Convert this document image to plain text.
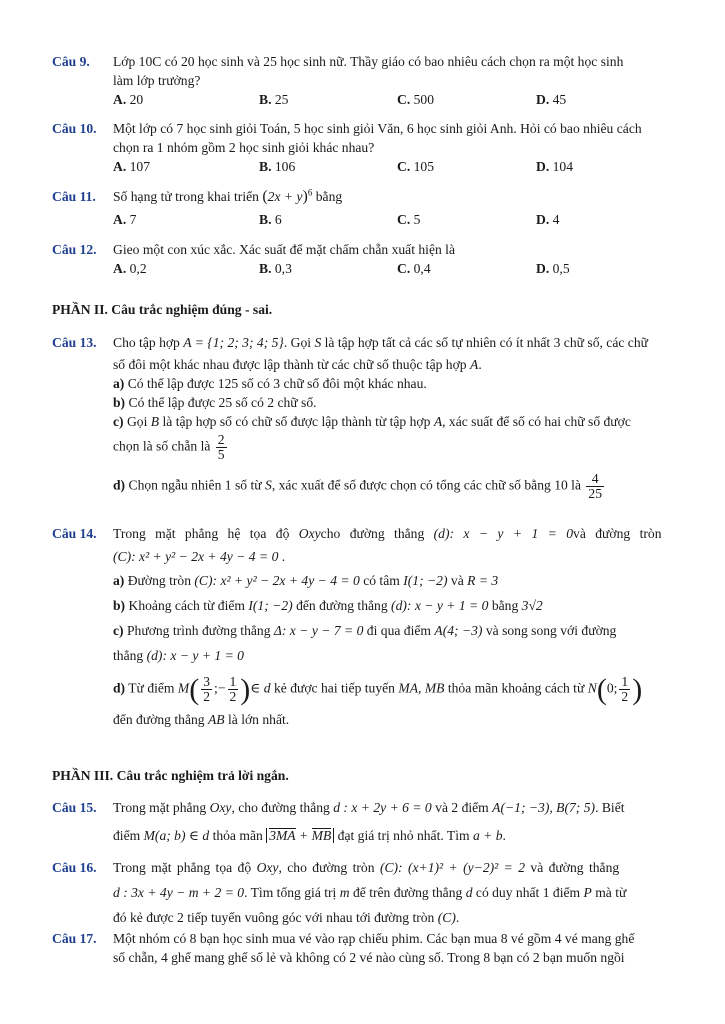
Câu 9. Lớp 10C có 20 học sinh và 25 học sinh nữ. Thầy giáo có bao nhiêu cách chọn ra một học sinh
làm lớp trưởng?
A. 20	B. 25	C. 500	D. 45
Câu 10. Một lớp có 7 học sinh giỏi Toán, 5 học sinh giỏi Văn, 6 học sinh giỏi Anh. Hỏi có bao nhiêu cách
chọn ra 1 nhóm gồm 2 học sinh giỏi khác nhau?
A. 107	B. 106	C. 105	D. 104
Câu 11. Số hạng tử trong khai triển $(2x + y)^6$ bằng
A. 7	B. 6	C. 5	D. 4
Câu 12. Gieo một con xúc xắc. Xác suất để mặt chấm chẵn xuất hiện là
A. 0,2	B. 0,3	C. 0,4	D. 0,5
PHẦN II. Câu trắc nghiệm đúng - sai.
Câu 13. Cho tập hợp A = {1; 2; 3; 4; 5}. Gọi S là tập hợp tất cả các số tự nhiên có ít nhất 3 chữ số, các chữ
số đôi một khác nhau được lập thành từ các chữ số thuộc tập hợp A.
a) Có thể lập được 125 số có 3 chữ số đôi một khác nhau.
b) Có thể lập được 25 số có 2 chữ số.
c) Gọi B là tập hợp số có chữ số được lập thành từ tập hợp A, xác suất để số có hai chữ số được
chọn là số chẵn là $\frac{2}{5}$
d) Chọn ngẫu nhiên 1 số từ S, xác xuất để số được chọn có tổng các chữ số bằng 10 là $\frac{4}{25}$
Câu 14. Trong mặt phẳng hệ tọa độ Oxycho đường thẳng (d): x − y + 1 = 0và đường tròn
(C): x² + y² − 2x + 4y − 4 = 0 .
a) Đường tròn (C): x² + y² − 2x + 4y − 4 = 0 có tâm I(1; −2) và R = 3
b) Khoảng cách từ điểm I(1; −2) đến đường thẳng (d): x − y + 1 = 0 bằng 3√2
c) Phương trình đường thẳng Δ: x − y − 7 = 0 đi qua điểm A(4; −3) và song song với đường
thẳng (d): x − y + 1 = 0
d) Từ điểm $M( \frac{3}{2}$ ;− $\frac{1}{2}$ )∈ d kẻ được hai tiếp tuyến MA, MB thỏa mãn khoảng cách từ N(0; $\frac{1}{2}$ )
đến đường thẳng AB là lớn nhất.
PHẦN III. Câu trắc nghiệm trả lời ngắn.
Câu 15. Trong mặt phẳng Oxy, cho đường thẳng d : x + 2y + 6 = 0 và 2 điểm A(−1; −3), B(7; 5). Biết
điểm M(a; b) ∈ d thỏa mãn 3MA + MB đạt giá trị nhỏ nhất. Tìm a + b.
Câu 16. Trong mặt phẳng tọa độ Oxy, cho đường tròn (C): (x+1)² + (y−2)² = 2 và đường thẳng
d : 3x + 4y − m + 2 = 0. Tìm tổng giá trị m để trên đường thẳng d có duy nhất 1 điểm P mà từ
đó kẻ được 2 tiếp tuyến vuông góc với nhau tới đường tròn (C).
Câu 17. Một nhóm có 8 bạn học sinh mua vé vào rạp chiếu phim. Các bạn mua 8 vé gồm 4 vé mang ghế
số chẵn, 4 ghế mang ghế số lẻ và không có 2 vé nào cùng số. Trong 8 bạn có 2 bạn muốn ngồi
